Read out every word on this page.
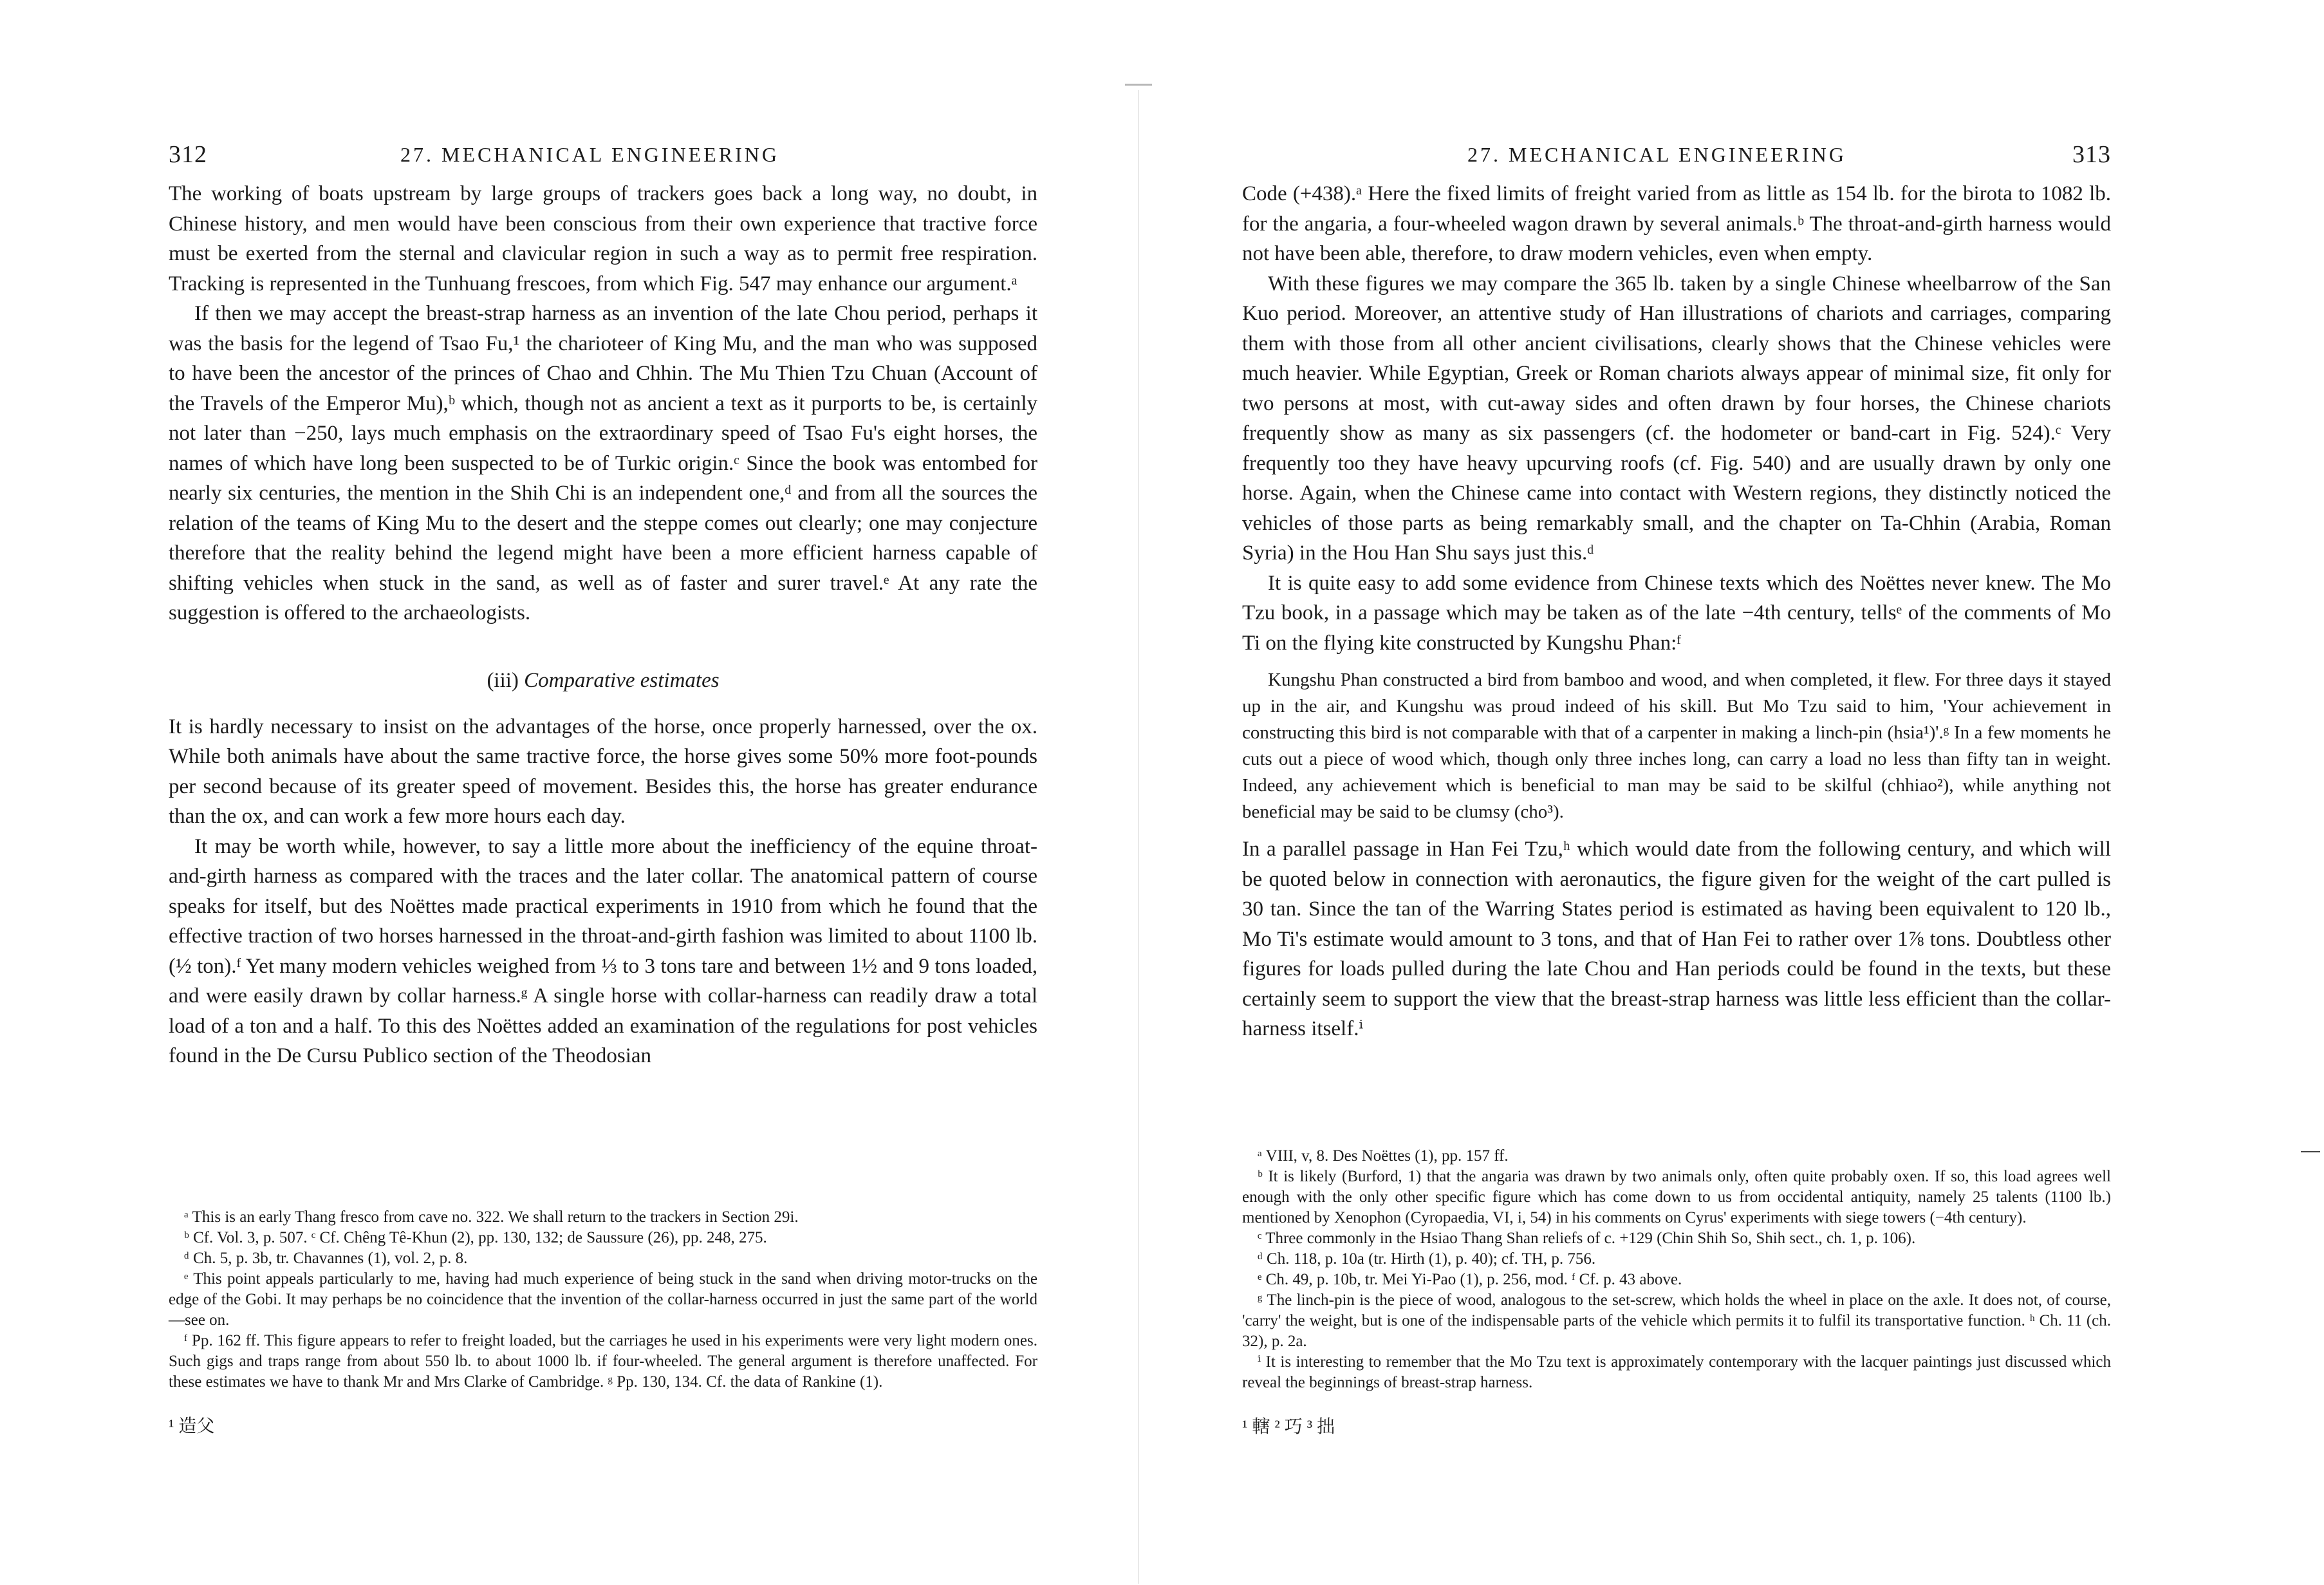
312	27. MECHANICAL ENGINEERING

The working of boats upstream by large groups of trackers goes back a long way, no doubt, in Chinese history, and men would have been conscious from their own experience that tractive force must be exerted from the sternal and clavicular region in such a way as to permit free respiration. Tracking is represented in the Tunhuang frescoes, from which Fig. 547 may enhance our argument.ᵃ

If then we may accept the breast-strap harness as an invention of the late Chou period, perhaps it was the basis for the legend of Tsao Fu,¹ the charioteer of King Mu, and the man who was supposed to have been the ancestor of the princes of Chao and Chhin. The Mu Thien Tzu Chuan (Account of the Travels of the Emperor Mu),ᵇ which, though not as ancient a text as it purports to be, is certainly not later than −250, lays much emphasis on the extraordinary speed of Tsao Fu's eight horses, the names of which have long been suspected to be of Turkic origin.ᶜ Since the book was entombed for nearly six centuries, the mention in the Shih Chi is an independent one,ᵈ and from all the sources the relation of the teams of King Mu to the desert and the steppe comes out clearly; one may conjecture therefore that the reality behind the legend might have been a more efficient harness capable of shifting vehicles when stuck in the sand, as well as of faster and surer travel.ᵉ At any rate the suggestion is offered to the archaeologists.

(iii) Comparative estimates

It is hardly necessary to insist on the advantages of the horse, once properly harnessed, over the ox. While both animals have about the same tractive force, the horse gives some 50% more foot-pounds per second because of its greater speed of movement. Besides this, the horse has greater endurance than the ox, and can work a few more hours each day.

It may be worth while, however, to say a little more about the inefficiency of the equine throat-and-girth harness as compared with the traces and the later collar. The anatomical pattern of course speaks for itself, but des Noëttes made practical experiments in 1910 from which he found that the effective traction of two horses harnessed in the throat-and-girth fashion was limited to about 1100 lb. (½ ton).ᶠ Yet many modern vehicles weighed from ⅓ to 3 tons tare and between 1½ and 9 tons loaded, and were easily drawn by collar harness.ᵍ A single horse with collar-harness can readily draw a total load of a ton and a half. To this des Noëttes added an examination of the regulations for post vehicles found in the De Cursu Publico section of the Theodosian

ᵃ This is an early Thang fresco from cave no. 322. We shall return to the trackers in Section 29i.

ᵇ Cf. Vol. 3, p. 507. ᶜ Cf. Chêng Tê-Khun (2), pp. 130, 132; de Saussure (26), pp. 248, 275.

ᵈ Ch. 5, p. 3b, tr. Chavannes (1), vol. 2, p. 8.

ᵉ This point appeals particularly to me, having had much experience of being stuck in the sand when driving motor-trucks on the edge of the Gobi. It may perhaps be no coincidence that the invention of the collar-harness occurred in just the same part of the world—see on.

ᶠ Pp. 162 ff. This figure appears to refer to freight loaded, but the carriages he used in his experiments were very light modern ones. Such gigs and traps range from about 550 lb. to about 1000 lb. if four-wheeled. The general argument is therefore unaffected. For these estimates we have to thank Mr and Mrs Clarke of Cambridge. ᵍ Pp. 130, 134. Cf. the data of Rankine (1).

¹ 造父
27. MECHANICAL ENGINEERING	313

Code (+438).ᵃ Here the fixed limits of freight varied from as little as 154 lb. for the birota to 1082 lb. for the angaria, a four-wheeled wagon drawn by several animals.ᵇ The throat-and-girth harness would not have been able, therefore, to draw modern vehicles, even when empty.

With these figures we may compare the 365 lb. taken by a single Chinese wheelbarrow of the San Kuo period. Moreover, an attentive study of Han illustrations of chariots and carriages, comparing them with those from all other ancient civilisations, clearly shows that the Chinese vehicles were much heavier. While Egyptian, Greek or Roman chariots always appear of minimal size, fit only for two persons at most, with cut-away sides and often drawn by four horses, the Chinese chariots frequently show as many as six passengers (cf. the hodometer or band-cart in Fig. 524).ᶜ Very frequently too they have heavy upcurving roofs (cf. Fig. 540) and are usually drawn by only one horse. Again, when the Chinese came into contact with Western regions, they distinctly noticed the vehicles of those parts as being remarkably small, and the chapter on Ta-Chhin (Arabia, Roman Syria) in the Hou Han Shu says just this.ᵈ

It is quite easy to add some evidence from Chinese texts which des Noëttes never knew. The Mo Tzu book, in a passage which may be taken as of the late −4th century, tellsᵉ of the comments of Mo Ti on the flying kite constructed by Kungshu Phan:ᶠ

Kungshu Phan constructed a bird from bamboo and wood, and when completed, it flew. For three days it stayed up in the air, and Kungshu was proud indeed of his skill. But Mo Tzu said to him, 'Your achievement in constructing this bird is not comparable with that of a carpenter in making a linch-pin (hsia¹)'.ᵍ In a few moments he cuts out a piece of wood which, though only three inches long, can carry a load no less than fifty tan in weight. Indeed, any achievement which is beneficial to man may be said to be skilful (chhiao²), while anything not beneficial may be said to be clumsy (cho³).

In a parallel passage in Han Fei Tzu,ʰ which would date from the following century, and which will be quoted below in connection with aeronautics, the figure given for the weight of the cart pulled is 30 tan. Since the tan of the Warring States period is estimated as having been equivalent to 120 lb., Mo Ti's estimate would amount to 3 tons, and that of Han Fei to rather over 1⅞ tons. Doubtless other figures for loads pulled during the late Chou and Han periods could be found in the texts, but these certainly seem to support the view that the breast-strap harness was little less efficient than the collar-harness itself.ⁱ

ᵃ VIII, v, 8. Des Noëttes (1), pp. 157 ff.

ᵇ It is likely (Burford, 1) that the angaria was drawn by two animals only, often quite probably oxen. If so, this load agrees well enough with the only other specific figure which has come down to us from occidental antiquity, namely 25 talents (1100 lb.) mentioned by Xenophon (Cyropaedia, VI, i, 54) in his comments on Cyrus' experiments with siege towers (−4th century).

ᶜ Three commonly in the Hsiao Thang Shan reliefs of c. +129 (Chin Shih So, Shih sect., ch. 1, p. 106).

ᵈ Ch. 118, p. 10a (tr. Hirth (1), p. 40); cf. TH, p. 756.

ᵉ Ch. 49, p. 10b, tr. Mei Yi-Pao (1), p. 256, mod. ᶠ Cf. p. 43 above.

ᵍ The linch-pin is the piece of wood, analogous to the set-screw, which holds the wheel in place on the axle. It does not, of course, 'carry' the weight, but is one of the indispensable parts of the vehicle which permits it to fulfil its transportative function. ʰ Ch. 11 (ch. 32), p. 2a.

ⁱ It is interesting to remember that the Mo Tzu text is approximately contemporary with the lacquer paintings just discussed which reveal the beginnings of breast-strap harness.

¹ 轄 ² 巧 ³ 拙
